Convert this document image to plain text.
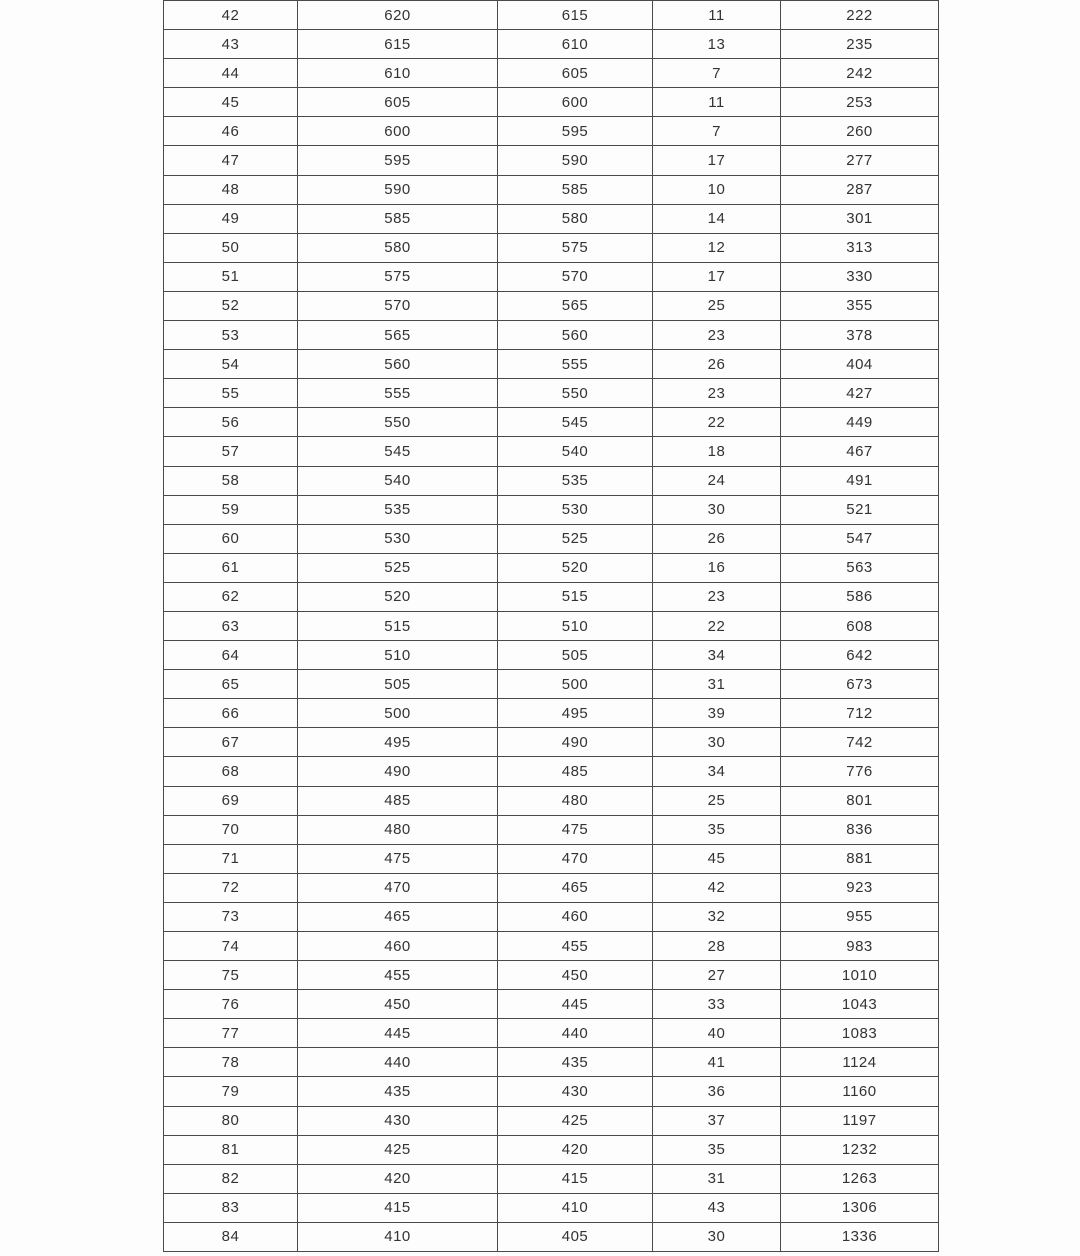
42	620	615	11	222
43	615	610	13	235
44	610	605	7	242
45	605	600	11	253
46	600	595	7	260
47	595	590	17	277
48	590	585	10	287
49	585	580	14	301
50	580	575	12	313
51	575	570	17	330
52	570	565	25	355
53	565	560	23	378
54	560	555	26	404
55	555	550	23	427
56	550	545	22	449
57	545	540	18	467
58	540	535	24	491
59	535	530	30	521
60	530	525	26	547
61	525	520	16	563
62	520	515	23	586
63	515	510	22	608
64	510	505	34	642
65	505	500	31	673
66	500	495	39	712
67	495	490	30	742
68	490	485	34	776
69	485	480	25	801
70	480	475	35	836
71	475	470	45	881
72	470	465	42	923
73	465	460	32	955
74	460	455	28	983
75	455	450	27	1010
76	450	445	33	1043
77	445	440	40	1083
78	440	435	41	1124
79	435	430	36	1160
80	430	425	37	1197
81	425	420	35	1232
82	420	415	31	1263
83	415	410	43	1306
84	410	405	30	1336
